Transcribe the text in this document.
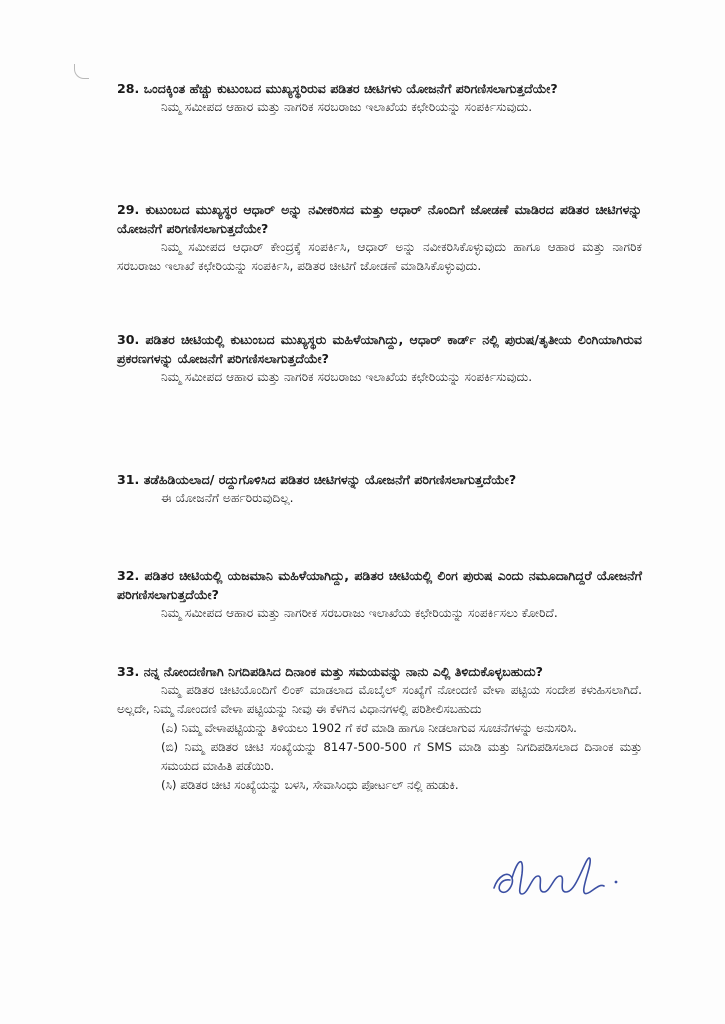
28. ಒಂದಕ್ಕಿಂತ ಹೆಚ್ಚು ಕುಟುಂಬದ ಮುಖ್ಯಸ್ಥರಿರುವ ಪಡಿತರ ಚೀಟಿಗಳು ಯೋಜನೆಗೆ ಪರಿಗಣಿಸಲಾಗುತ್ತದೆಯೇ?

ನಿಮ್ಮ ಸಮೀಪದ ಆಹಾರ ಮತ್ತು ನಾಗರಿಕ ಸರಬರಾಜು ಇಲಾಖೆಯ ಕಛೇರಿಯನ್ನು ಸಂಪರ್ಕಿಸುವುದು.

29. ಕುಟುಂಬದ ಮುಖ್ಯಸ್ಥರ ಆಧಾರ್ ಅನ್ನು ನವೀಕರಿಸದ ಮತ್ತು ಆಧಾರ್ ನೊಂದಿಗೆ ಜೋಡಣೆ ಮಾಡಿರದ ಪಡಿತರ ಚೀಟಿಗಳನ್ನು ಯೋಜನೆಗೆ ಪರಿಗಣಿಸಲಾಗುತ್ತದೆಯೇ?

ನಿಮ್ಮ ಸಮೀಪದ ಆಧಾರ್ ಕೇಂದ್ರಕ್ಕೆ ಸಂಪರ್ಕಿಸಿ, ಆಧಾರ್ ಅನ್ನು ನವೀಕರಿಸಿಕೊಳ್ಳುವುದು ಹಾಗೂ ಆಹಾರ ಮತ್ತು ನಾಗರಿಕ ಸರಬರಾಜು ಇಲಾಖೆ ಕಛೇರಿಯನ್ನು ಸಂಪರ್ಕಿಸಿ, ಪಡಿತರ ಚೀಟಿಗೆ ಜೋಡಣೆ ಮಾಡಿಸಿಕೊಳ್ಳುವುದು.

30. ಪಡಿತರ ಚೀಟಿಯಲ್ಲಿ ಕುಟುಂಬದ ಮುಖ್ಯಸ್ಥರು ಮಹಿಳೆಯಾಗಿದ್ದು, ಆಧಾರ್ ಕಾರ್ಡ್ ನಲ್ಲಿ ಪುರುಷ/ತೃತೀಯ ಲಿಂಗಿಯಾಗಿರುವ ಪ್ರಕರಣಗಳನ್ನು ಯೋಜನೆಗೆ ಪರಿಗಣಿಸಲಾಗುತ್ತದೆಯೇ?

ನಿಮ್ಮ ಸಮೀಪದ ಆಹಾರ ಮತ್ತು ನಾಗರಿಕ ಸರಬರಾಜು ಇಲಾಖೆಯ ಕಛೇರಿಯನ್ನು ಸಂಪರ್ಕಿಸುವುದು.

31. ತಡೆಹಿಡಿಯಲಾದ/ ರದ್ದುಗೊಳಿಸಿದ ಪಡಿತರ ಚೀಟಿಗಳನ್ನು ಯೋಜನೆಗೆ ಪರಿಗಣಿಸಲಾಗುತ್ತದೆಯೇ?

ಈ ಯೋಜನೆಗೆ ಅರ್ಹರಿರುವುದಿಲ್ಲ.

32. ಪಡಿತರ ಚೀಟಿಯಲ್ಲಿ ಯಜಮಾನಿ ಮಹಿಳೆಯಾಗಿದ್ದು, ಪಡಿತರ ಚೀಟಿಯಲ್ಲಿ ಲಿಂಗ ಪುರುಷ ಎಂದು ನಮೂದಾಗಿದ್ದರೆ ಯೋಜನೆಗೆ ಪರಿಗಣಿಸಲಾಗುತ್ತದೆಯೇ?

ನಿಮ್ಮ ಸಮೀಪದ ಆಹಾರ ಮತ್ತು ನಾಗರೀಕ ಸರಬರಾಜು ಇಲಾಖೆಯ ಕಛೇರಿಯನ್ನು ಸಂಪರ್ಕಿಸಲು ಕೋರಿದೆ.

33. ನನ್ನ ನೋಂದಣಿಗಾಗಿ ನಿಗದಿಪಡಿಸಿದ ದಿನಾಂಕ ಮತ್ತು ಸಮಯವನ್ನು ನಾನು ಎಲ್ಲಿ ತಿಳಿದುಕೊಳ್ಳಬಹುದು?

ನಿಮ್ಮ ಪಡಿತರ ಚೀಟಿಯೊಂದಿಗೆ ಲಿಂಕ್ ಮಾಡಲಾದ ಮೊಬೈಲ್ ಸಂಖ್ಯೆಗೆ ನೋಂದಣಿ ವೇಳಾ ಪಟ್ಟಿಯ ಸಂದೇಶ ಕಳುಹಿಸಲಾಗಿದೆ. ಅಲ್ಲದೇ, ನಿಮ್ಮ ನೋಂದಣಿ ವೇಳಾ ಪಟ್ಟಿಯನ್ನು ನೀವು ಈ ಕೆಳಗಿನ ವಿಧಾನಗಳಲ್ಲಿ ಪರಿಶೀಲಿಸಬಹುದು

(ಎ) ನಿಮ್ಮ ವೇಳಾಪಟ್ಟಿಯನ್ನು ತಿಳಿಯಲು 1902 ಗೆ ಕರೆ ಮಾಡಿ ಹಾಗೂ ನೀಡಲಾಗುವ ಸೂಚನೆಗಳನ್ನು ಅನುಸರಿಸಿ.

(ಬಿ) ನಿಮ್ಮ ಪಡಿತರ ಚೀಟಿ ಸಂಖ್ಯೆಯನ್ನು 8147-500-500 ಗೆ SMS ಮಾಡಿ ಮತ್ತು ನಿಗದಿಪಡಿಸಲಾದ ದಿನಾಂಕ ಮತ್ತು ಸಮಯದ ಮಾಹಿತಿ ಪಡೆಯಿರಿ.

(ಸಿ) ಪಡಿತರ ಚೀಟಿ ಸಂಖ್ಯೆಯನ್ನು ಬಳಸಿ, ಸೇವಾಸಿಂಧು ಪೋರ್ಟಲ್ ನಲ್ಲಿ ಹುಡುಕಿ.
